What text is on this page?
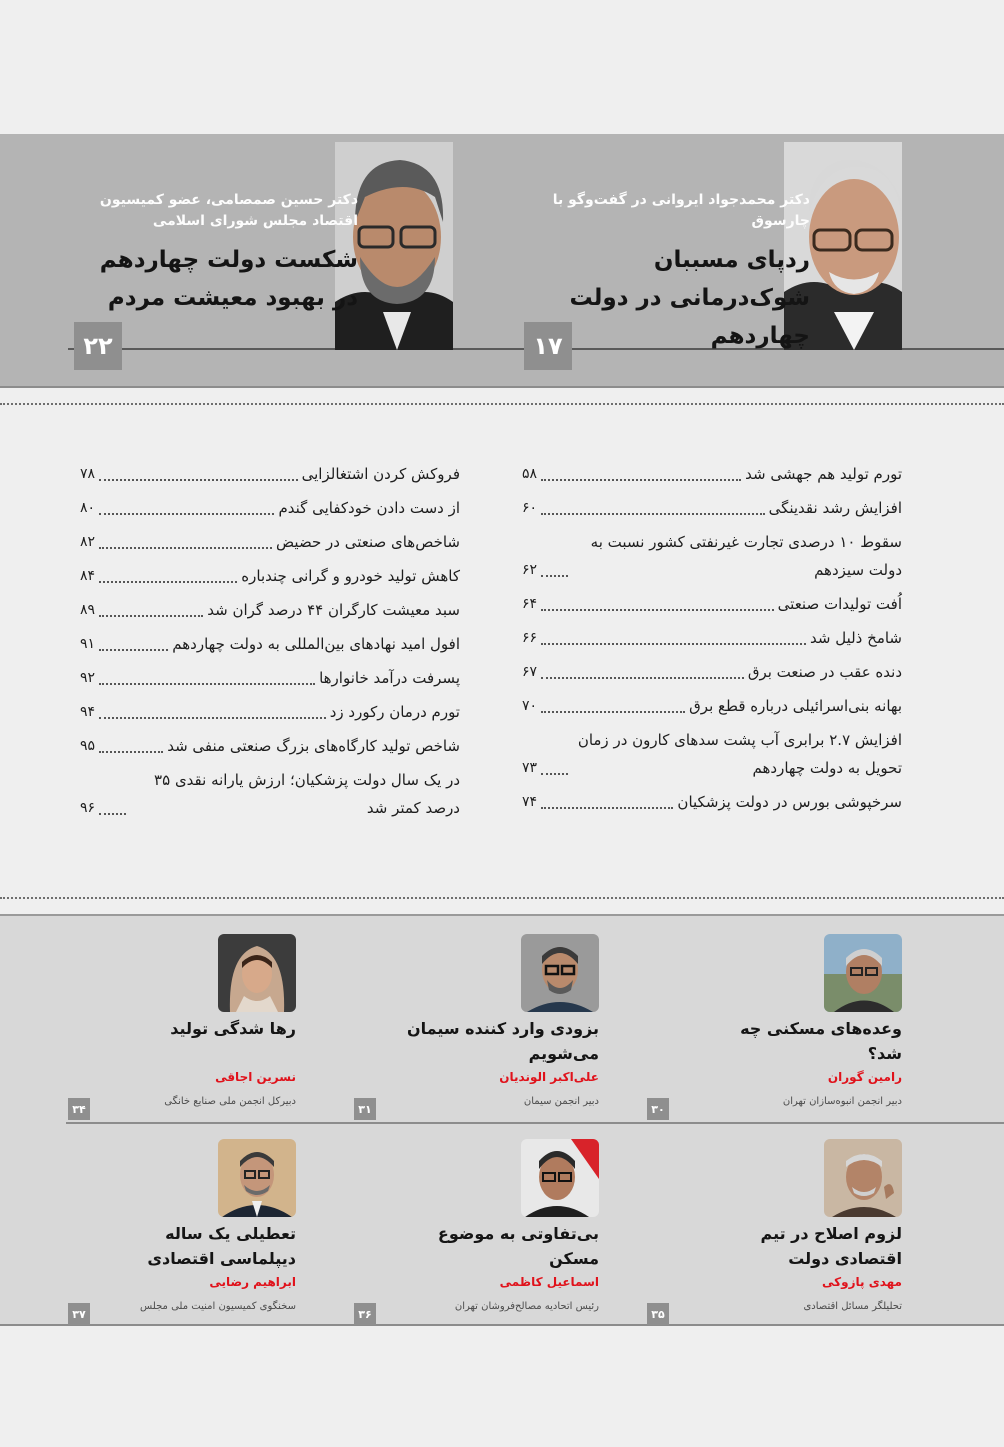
دکتر محمدجواد ایروانی در گفت‌وگو با چارسوق
ردپای مسببان شوک‌درمانی در دولت چهاردهم
۱۷
دکتر حسین صمصامی، عضو کمیسیون اقتصاد مجلس شورای اسلامی
شکست دولت چهاردهم در بهبود معیشت مردم
۲۲
تورم تولید هم جهشی شد
۵۸
افزایش رشد نقدینگی
۶۰
سقوط ۱۰ درصدی تجارت غیرنفتی کشور نسبت به دولت سیزدهم
۶۲
اُفت تولیدات صنعتی
۶۴
شامخ ذلیل شد
۶۶
دنده عقب در صنعت برق
۶۷
بهانه بنی‌اسرائیلی درباره قطع برق
۷۰
افزایش ۲.۷ برابری آب پشت سدهای کارون در زمان تحویل به دولت چهاردهم
۷۳
سرخپوشی بورس در دولت پزشکیان
۷۴
فروکش کردن اشتغالزایی
۷۸
از دست دادن خودکفایی گندم
۸۰
شاخص‌های صنعتی در حضیض
۸۲
کاهش تولید خودرو و گرانی چندباره
۸۴
سبد معیشت کارگران ۴۴ درصد گران شد
۸۹
افول امید نهادهای بین‌المللی به دولت چهاردهم
۹۱
پسرفت درآمد خانوارها
۹۲
تورم درمان رکورد زد
۹۴
شاخص تولید کارگاه‌های بزرگ صنعتی منفی شد
۹۵
در یک سال دولت پزشکیان؛ ارزش یارانه نقدی ۳۵ درصد کمتر شد
۹۶
وعده‌های مسکنی چه شد؟
رامین گوران
دبیر انجمن انبوه‌سازان تهران
۳۰
بزودی وارد کننده سیمان می‌شویم
علی‌اکبر الوندیان
دبیر انجمن سیمان
۳۱
رها شدگی تولید
نسرین اجاقی
دبیرکل انجمن ملی صنایع خانگی
۳۴
لزوم اصلاح در تیم اقتصادی دولت
مهدی پازوکی
تحلیلگر مسائل اقتصادی
۳۵
بی‌تفاوتی به موضوع مسکن
اسماعیل کاظمی
رئیس اتحادیه مصالح‌فروشان تهران
۳۶
تعطیلی یک ساله دیپلماسی اقتصادی
ابراهیم رضایی
سخنگوی کمیسیون امنیت ملی مجلس
۳۷
